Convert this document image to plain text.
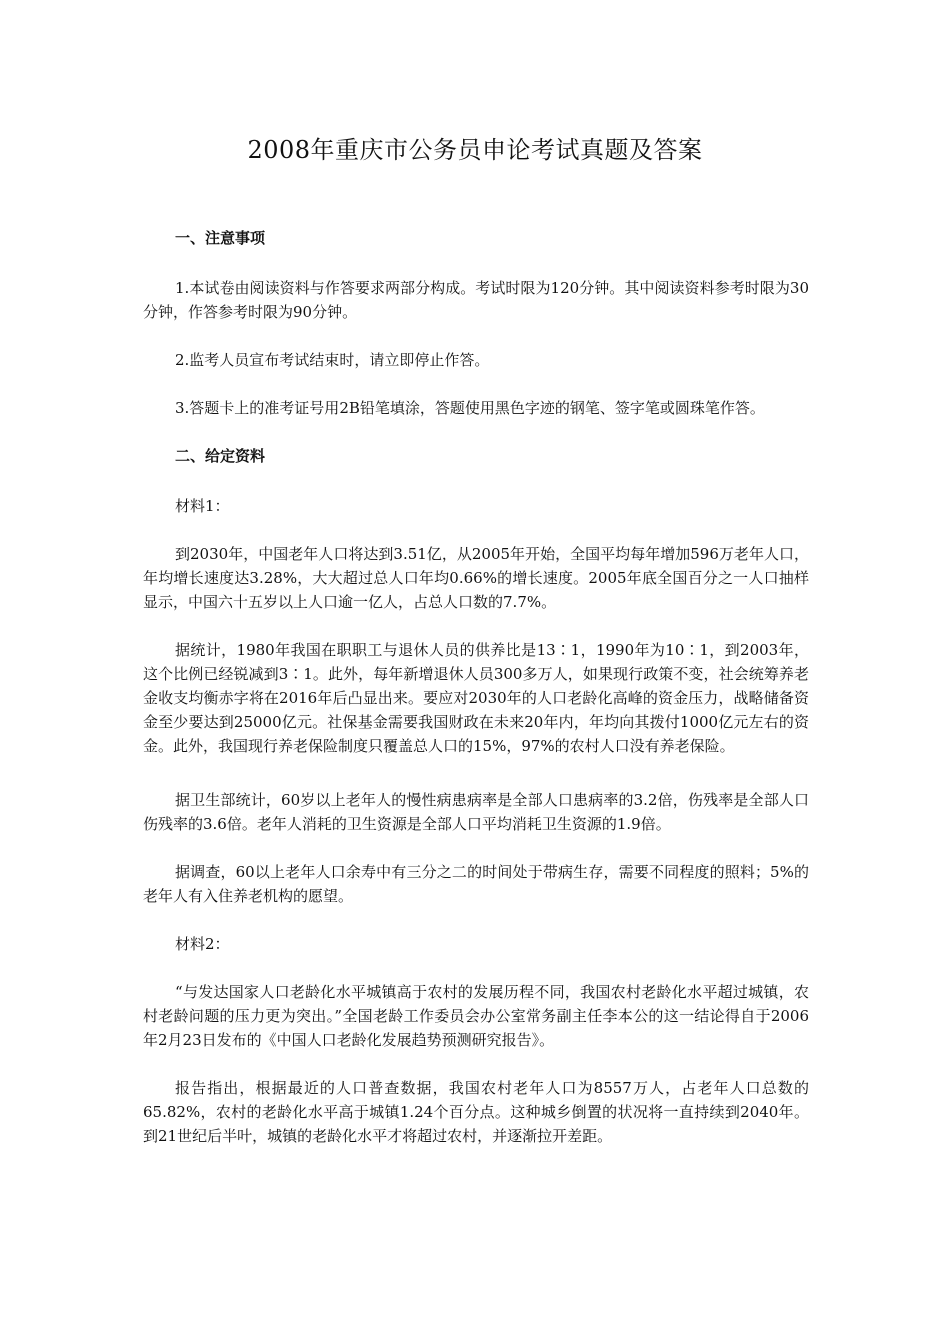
2008年重庆市公务员申论考试真题及答案

一、注意事项

1.本试卷由阅读资料与作答要求两部分构成。考试时限为120分钟。其中阅读资料参考时限为30分钟，作答参考时限为90分钟。

2.监考人员宣布考试结束时，请立即停止作答。

3.答题卡上的准考证号用2B铅笔填涂，答题使用黑色字迹的钢笔、签字笔或圆珠笔作答。

二、给定资料

材料1：

到2030年，中国老年人口将达到3.51亿，从2005年开始，全国平均每年增加596万老年人口，年均增长速度达3.28%，大大超过总人口年均0.66%的增长速度。2005年底全国百分之一人口抽样显示，中国六十五岁以上人口逾一亿人，占总人口数的7.7%。

据统计，1980年我国在职职工与退休人员的供养比是13∶1，1990年为10∶1，到2003年，这个比例已经锐减到3∶1。此外，每年新增退休人员300多万人，如果现行政策不变，社会统筹养老金收支均衡赤字将在2016年后凸显出来。要应对2030年的人口老龄化高峰的资金压力，战略储备资金至少要达到25000亿元。社保基金需要我国财政在未来20年内，年均向其拨付1000亿元左右的资金。此外，我国现行养老保险制度只覆盖总人口的15%，97%的农村人口没有养老保险。

据卫生部统计，60岁以上老年人的慢性病患病率是全部人口患病率的3.2倍，伤残率是全部人口伤残率的3.6倍。老年人消耗的卫生资源是全部人口平均消耗卫生资源的1.9倍。

据调查，60以上老年人口余寿中有三分之二的时间处于带病生存，需要不同程度的照料；5%的老年人有入住养老机构的愿望。

材料2：

“与发达国家人口老龄化水平城镇高于农村的发展历程不同，我国农村老龄化水平超过城镇，农村老龄问题的压力更为突出。”全国老龄工作委员会办公室常务副主任李本公的这一结论得自于2006年2月23日发布的《中国人口老龄化发展趋势预测研究报告》。

报告指出，根据最近的人口普查数据，我国农村老年人口为8557万人，占老年人口总数的65.82%，农村的老龄化水平高于城镇1.24个百分点。这种城乡倒置的状况将一直持续到2040年。到21世纪后半叶，城镇的老龄化水平才将超过农村，并逐渐拉开差距。
